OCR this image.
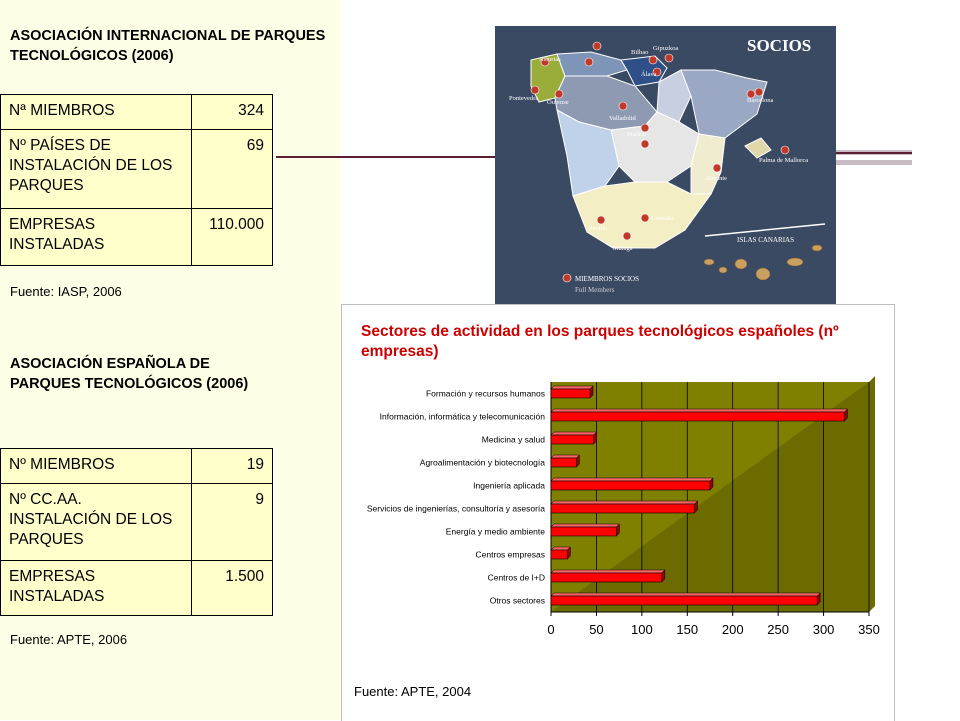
ASOCIACIÓN INTERNACIONAL DE PARQUES TECNOLÓGICOS (2006)
Nª MIEMBROS	324
Nº PAÍSES DE INSTALACIÓN DE LOS PARQUES	69
EMPRESAS INSTALADAS	110.000
Fuente: IASP, 2006
ASOCIACIÓN ESPAÑOLA DE PARQUES TECNOLÓGICOS (2006)
Nº MIEMBROS	19
Nº CC.AA. INSTALACIÓN DE LOS PARQUES	9
EMPRESAS INSTALADAS	1.500
Fuente: APTE, 2006
SOCIOS
ISLAS CANARIAS
Asturias
Bilbao
Gipuzkoa
Álava
Pontevedra
Ourense
Valladolid
Madrid
Barcelona
Palma de Mallorca
Alicante
Granada
Sevilla
Málaga
MIEMBROS SOCIOS
Full Members
Sectores de actividad en los parques tecnológicos españoles (nº empresas)
Formación y recursos humanos
Información, informática y telecomunicación
Medicina y salud
Agroalimentación y biotecnología
Ingeniería aplicada
Servicios de ingenierías, consultoría y asesoría
Energía y medio ambiente
Centros empresas
Centros de I+D
Otros sectores
0	50 100 150 200 250 300 350
Fuente: APTE, 2004
